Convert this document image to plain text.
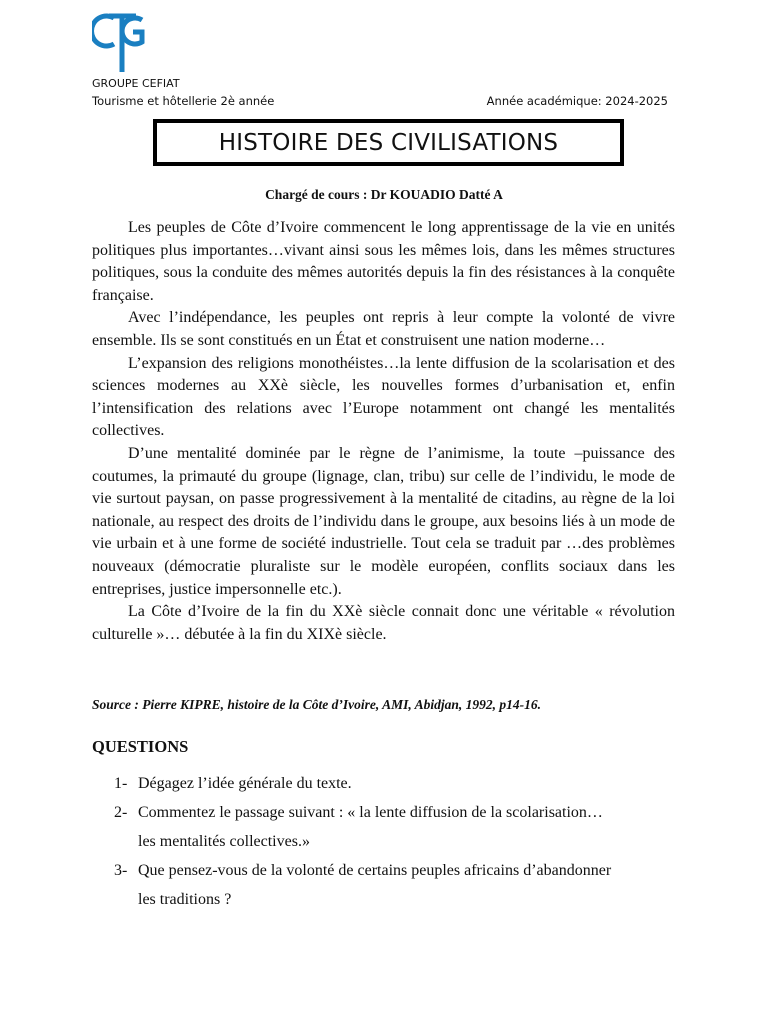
GROUPE CEFIAT
Tourisme et hôtellerie 2è année	Année académique: 2024-2025
HISTOIRE DES CIVILISATIONS
Chargé de cours : Dr KOUADIO Datté A

Les peuples de Côte d’Ivoire commencent le long apprentissage de la vie en unités politiques plus importantes…vivant ainsi sous les mêmes lois, dans les mêmes structures politiques, sous la conduite des mêmes autorités depuis la fin des résistances à la conquête française.

Avec l’indépendance, les peuples ont repris à leur compte la volonté de vivre ensemble. Ils se sont constitués en un État et construisent une nation moderne…

L’expansion des religions monothéistes…la lente diffusion de la scolarisation et des sciences modernes au XXè siècle, les nouvelles formes d’urbanisation et, enfin l’intensification des relations avec l’Europe notamment ont changé les mentalités collectives.

D’une mentalité dominée par le règne de l’animisme, la toute –puissance des coutumes, la primauté du groupe (lignage, clan, tribu) sur celle de l’individu, le mode de vie surtout paysan, on passe progressivement à la mentalité de citadins, au règne de la loi nationale, au respect des droits de l’individu dans le groupe, aux besoins liés à un mode de vie urbain et à une forme de société industrielle. Tout cela se traduit par …des problèmes nouveaux (démocratie pluraliste sur le modèle européen, conflits sociaux dans les entreprises, justice impersonnelle etc.).

La Côte d’Ivoire de la fin du XXè siècle connait donc une véritable « révolution culturelle »… débutée à la fin du XIXè siècle.

Source : Pierre KIPRE, histoire de la Côte d’Ivoire, AMI, Abidjan, 1992, p14-16.
QUESTIONS
1- Dégagez l’idée générale du texte.
2- Commentez le passage suivant : « la lente diffusion de la scolarisation…
les mentalités collectives.»
3- Que pensez-vous de la volonté de certains peuples africains d’abandonner
les traditions ?
